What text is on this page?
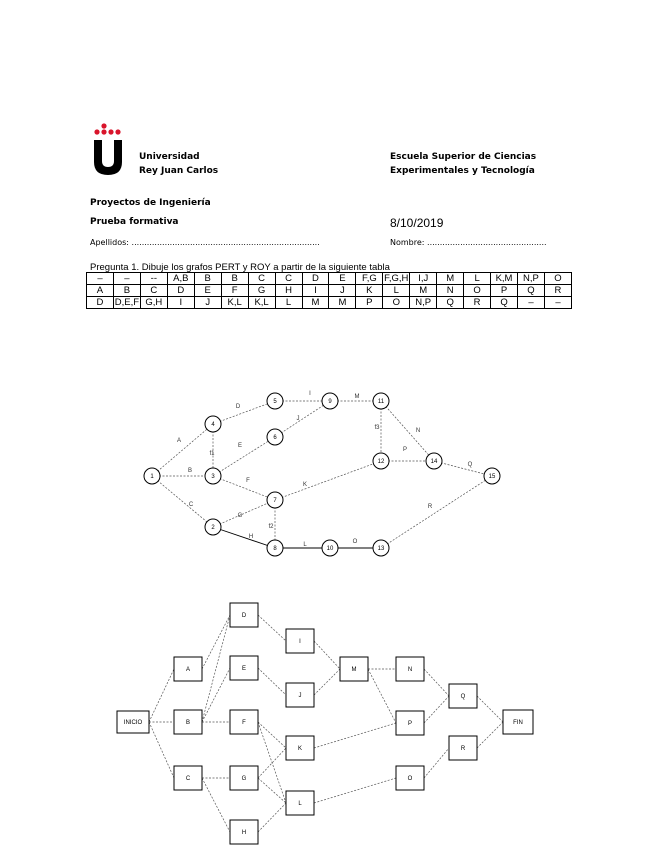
Universidad
Rey Juan Carlos
Escuela Superior de Ciencias
Experimentales y Tecnología
Proyectos de Ingeniería
Prueba formativa	8/10/2019
Apellidos: ..........................................................................	Nombre: ...............................................
Pregunta 1. Dibuje los grafos PERT y ROY a partir de la siguiente tabla
–	–	--	A,B	B	B	C	C	D	E	F,G	F,G,H	I,J	M	L	K,M	N,P	O
A	B	C	D	E	F	G	H	I	J	K	L	M	N	O	P	Q	R
D	D,E,F	G,H	I	J	K,L	K,L	L	M	M	P	O	N,P	Q	R	Q	–	–
A
B
C
D
E
F
G
H
I
J
K
L
M
N
O
P
Q
R
f1
f2
f3
1
2
3
4
5
6
7
8
9
10
11
12
13
14
15
INICIO
A
B
C
D
E
F
G
H
I
J
K
L
M	N
P
O
Q
R
FIN
